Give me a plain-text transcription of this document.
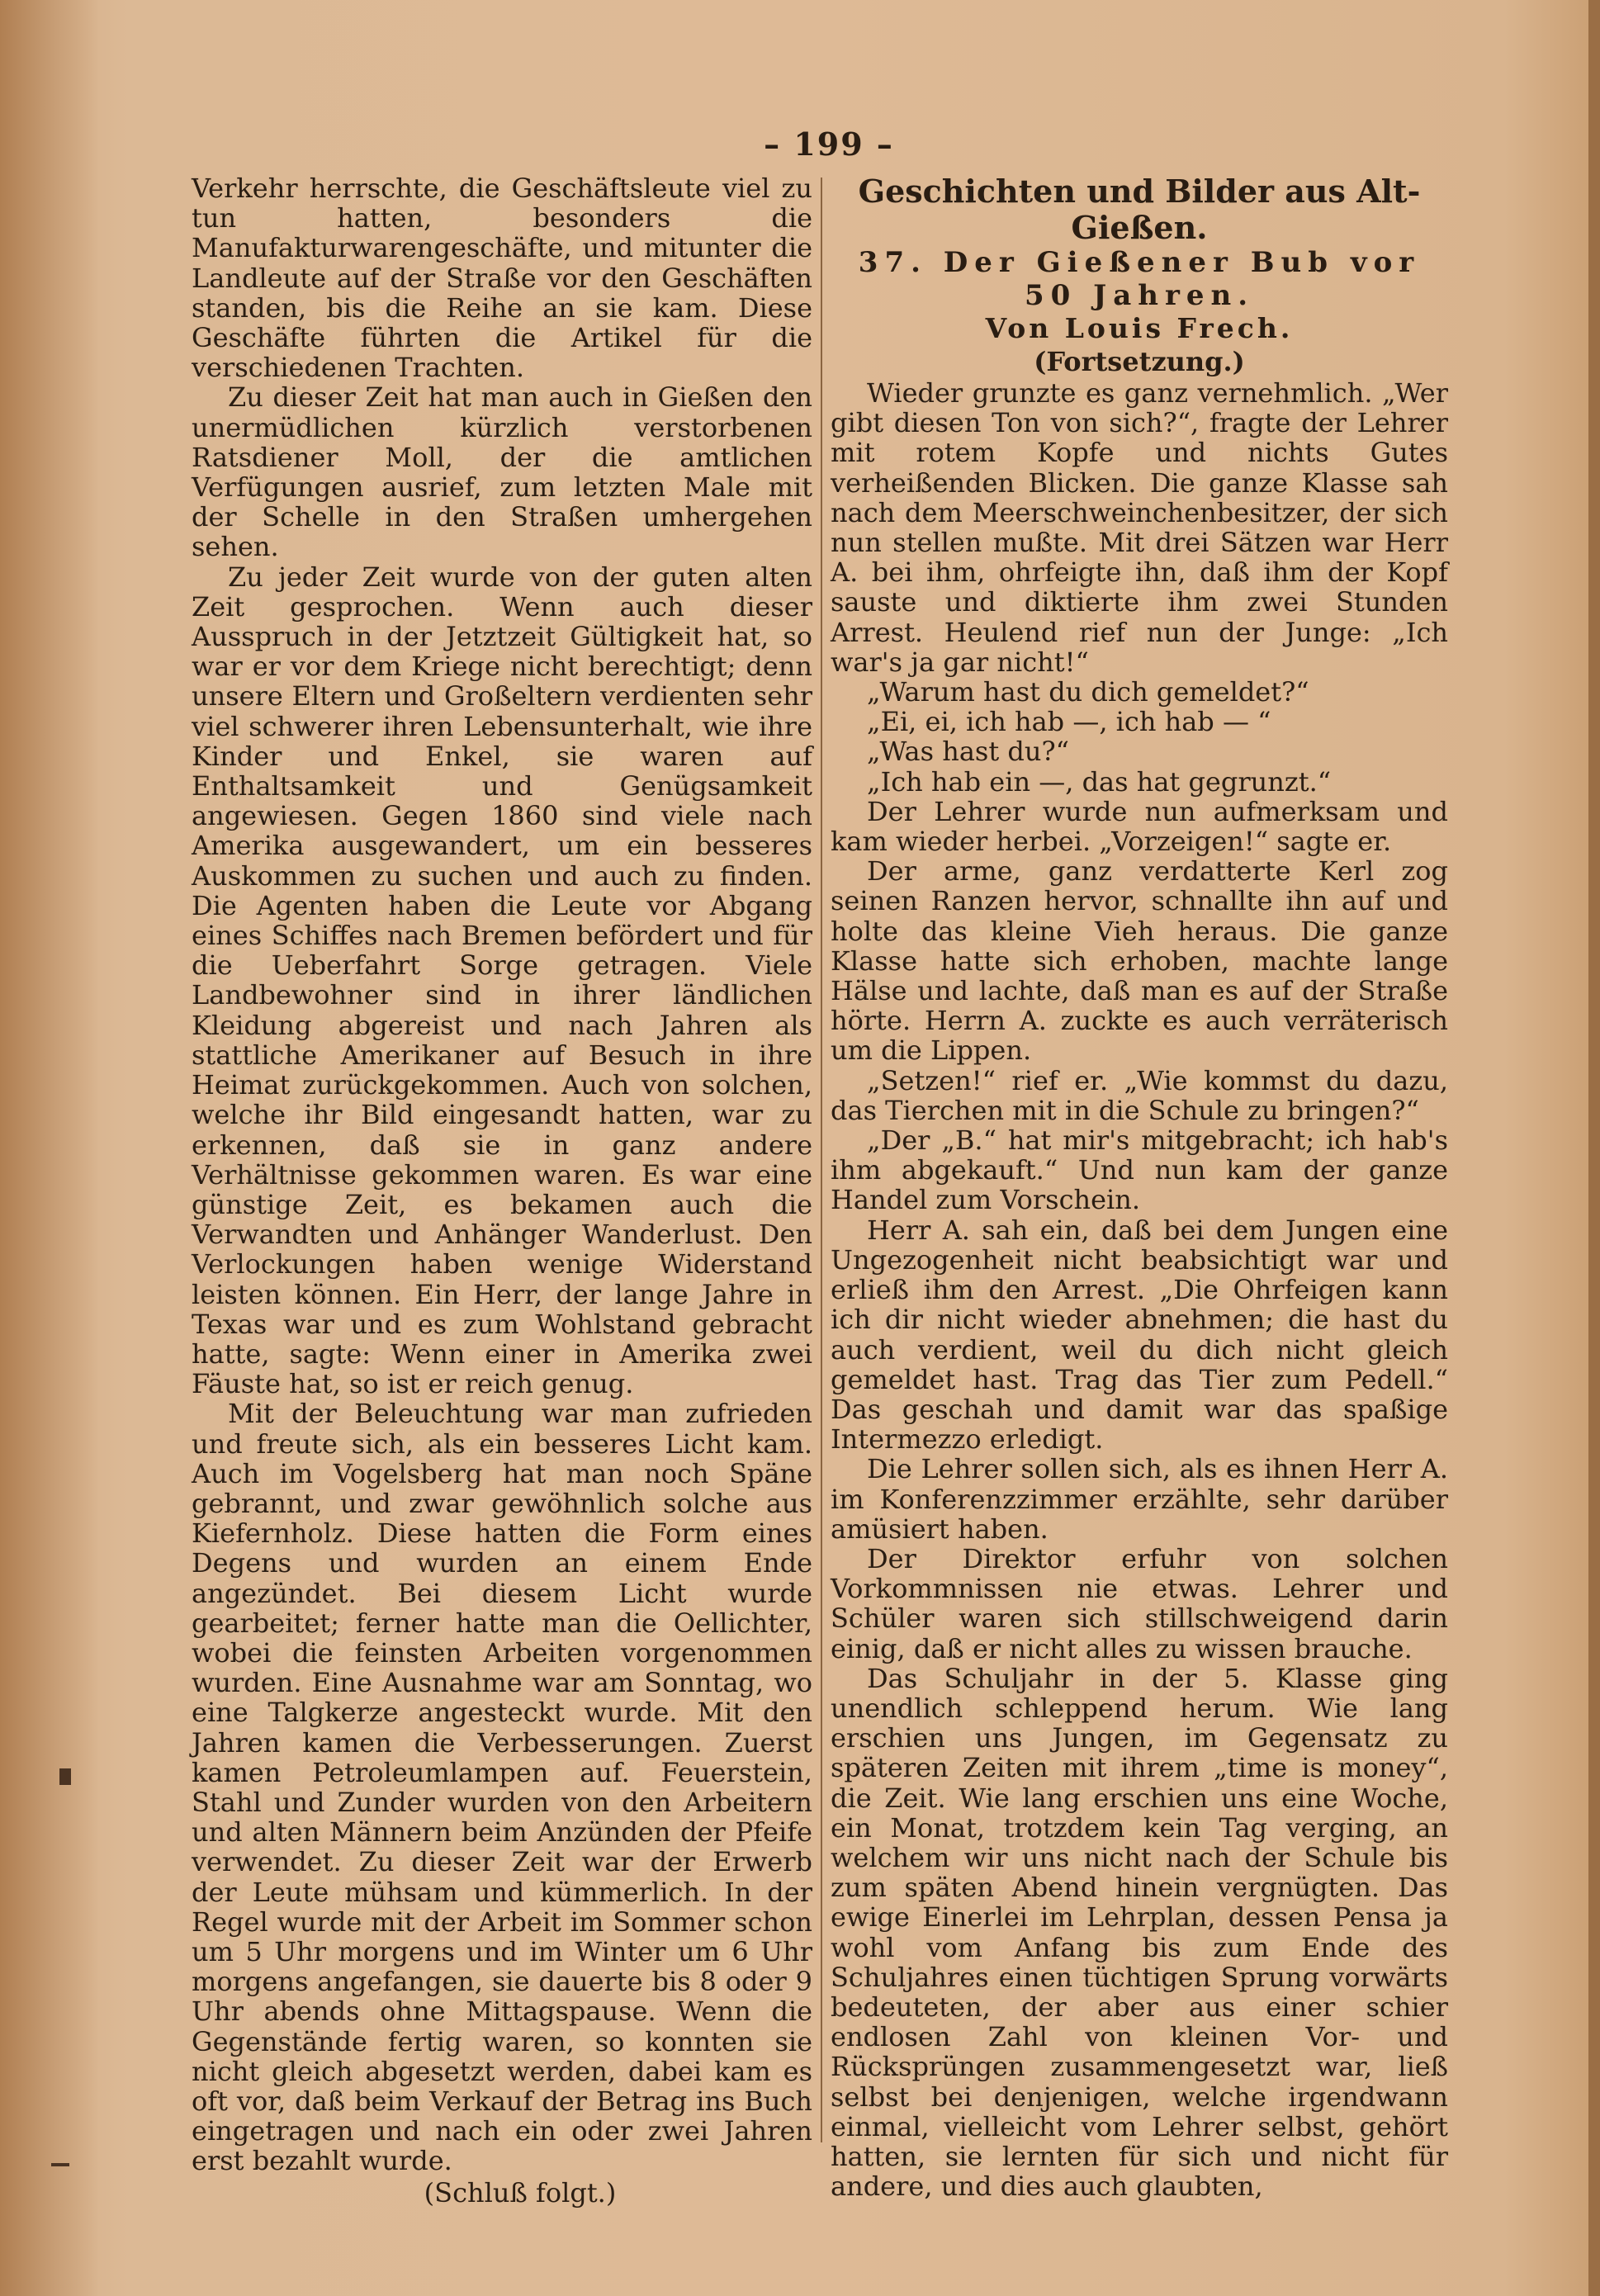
– 199 –

Verkehr herrschte, die Geschäftsleute viel zu tun hatten, besonders die Manufakturwarengeschäfte, und mitunter die Landleute auf der Straße vor den Geschäften standen, bis die Reihe an sie kam. Diese Geschäfte führten die Artikel für die verschiedenen Trachten.

Zu dieser Zeit hat man auch in Gießen den unermüdlichen kürzlich verstorbenen Ratsdiener Moll, der die amtlichen Verfügungen ausrief, zum letzten Male mit der Schelle in den Straßen umhergehen sehen.

Zu jeder Zeit wurde von der guten alten Zeit gesprochen. Wenn auch dieser Ausspruch in der Jetztzeit Gültigkeit hat, so war er vor dem Kriege nicht berechtigt; denn unsere Eltern und Großeltern verdienten sehr viel schwerer ihren Lebensunterhalt, wie ihre Kinder und Enkel, sie waren auf Enthaltsamkeit und Genügsamkeit angewiesen. Gegen 1860 sind viele nach Amerika ausgewandert, um ein besseres Auskommen zu suchen und auch zu finden. Die Agenten haben die Leute vor Abgang eines Schiffes nach Bremen befördert und für die Ueberfahrt Sorge getragen. Viele Landbewohner sind in ihrer ländlichen Kleidung abgereist und nach Jahren als stattliche Amerikaner auf Besuch in ihre Heimat zurückgekommen. Auch von solchen, welche ihr Bild eingesandt hatten, war zu erkennen, daß sie in ganz andere Verhältnisse gekommen waren. Es war eine günstige Zeit, es bekamen auch die Verwandten und Anhänger Wanderlust. Den Verlockungen haben wenige Widerstand leisten können. Ein Herr, der lange Jahre in Texas war und es zum Wohlstand gebracht hatte, sagte: Wenn einer in Amerika zwei Fäuste hat, so ist er reich genug.

Mit der Beleuchtung war man zufrieden und freute sich, als ein besseres Licht kam. Auch im Vogelsberg hat man noch Späne gebrannt, und zwar gewöhnlich solche aus Kiefernholz. Diese hatten die Form eines Degens und wurden an einem Ende angezündet. Bei diesem Licht wurde gearbeitet; ferner hatte man die Oellichter, wobei die feinsten Arbeiten vorgenommen wurden. Eine Ausnahme war am Sonntag, wo eine Talgkerze angesteckt wurde. Mit den Jahren kamen die Verbesserungen. Zuerst kamen Petroleumlampen auf. Feuerstein, Stahl und Zunder wurden von den Arbeitern und alten Männern beim Anzünden der Pfeife verwendet. Zu dieser Zeit war der Erwerb der Leute mühsam und kümmerlich. In der Regel wurde mit der Arbeit im Sommer schon um 5 Uhr morgens und im Winter um 6 Uhr morgens angefangen, sie dauerte bis 8 oder 9 Uhr abends ohne Mittagspause. Wenn die Gegenstände fertig waren, so konnten sie nicht gleich abgesetzt werden, dabei kam es oft vor, daß beim Verkauf der Betrag ins Buch eingetragen und nach ein oder zwei Jahren erst bezahlt wurde.

(Schluß folgt.)

Geschichten und Bilder aus Alt-Gießen.

37. Der Gießener Bub vor

50 Jahren.

Von Louis Frech.

(Fortsetzung.)

Wieder grunzte es ganz vernehmlich. „Wer gibt diesen Ton von sich?“, fragte der Lehrer mit rotem Kopfe und nichts Gutes verheißenden Blicken. Die ganze Klasse sah nach dem Meerschweinchenbesitzer, der sich nun stellen mußte. Mit drei Sätzen war Herr A. bei ihm, ohrfeigte ihn, daß ihm der Kopf sauste und diktierte ihm zwei Stunden Arrest. Heulend rief nun der Junge: „Ich war's ja gar nicht!“

„Warum hast du dich gemeldet?“

„Ei, ei, ich hab —, ich hab — “

„Was hast du?“

„Ich hab ein —, das hat gegrunzt.“

Der Lehrer wurde nun aufmerksam und kam wieder herbei. „Vorzeigen!“ sagte er.

Der arme, ganz verdatterte Kerl zog seinen Ranzen hervor, schnallte ihn auf und holte das kleine Vieh heraus. Die ganze Klasse hatte sich erhoben, machte lange Hälse und lachte, daß man es auf der Straße hörte. Herrn A. zuckte es auch verräterisch um die Lippen.

„Setzen!“ rief er. „Wie kommst du dazu, das Tierchen mit in die Schule zu bringen?“

„Der „B.“ hat mir's mitgebracht; ich hab's ihm abgekauft.“ Und nun kam der ganze Handel zum Vorschein.

Herr A. sah ein, daß bei dem Jungen eine Ungezogenheit nicht beabsichtigt war und erließ ihm den Arrest. „Die Ohrfeigen kann ich dir nicht wieder abnehmen; die hast du auch verdient, weil du dich nicht gleich gemeldet hast. Trag das Tier zum Pedell.“ Das geschah und damit war das spaßige Intermezzo erledigt.

Die Lehrer sollen sich, als es ihnen Herr A. im Konferenzzimmer erzählte, sehr darüber amüsiert haben.

Der Direktor erfuhr von solchen Vorkommnissen nie etwas. Lehrer und Schüler waren sich stillschweigend darin einig, daß er nicht alles zu wissen brauche.

Das Schuljahr in der 5. Klasse ging unendlich schleppend herum. Wie lang erschien uns Jungen, im Gegensatz zu späteren Zeiten mit ihrem „time is money“, die Zeit. Wie lang erschien uns eine Woche, ein Monat, trotzdem kein Tag verging, an welchem wir uns nicht nach der Schule bis zum späten Abend hinein vergnügten. Das ewige Einerlei im Lehrplan, dessen Pensa ja wohl vom Anfang bis zum Ende des Schuljahres einen tüchtigen Sprung vorwärts bedeuteten, der aber aus einer schier endlosen Zahl von kleinen Vor- und Rücksprüngen zusammengesetzt war, ließ selbst bei denjenigen, welche irgendwann einmal, vielleicht vom Lehrer selbst, gehört hatten, sie lernten für sich und nicht für andere, und dies auch glaubten,
